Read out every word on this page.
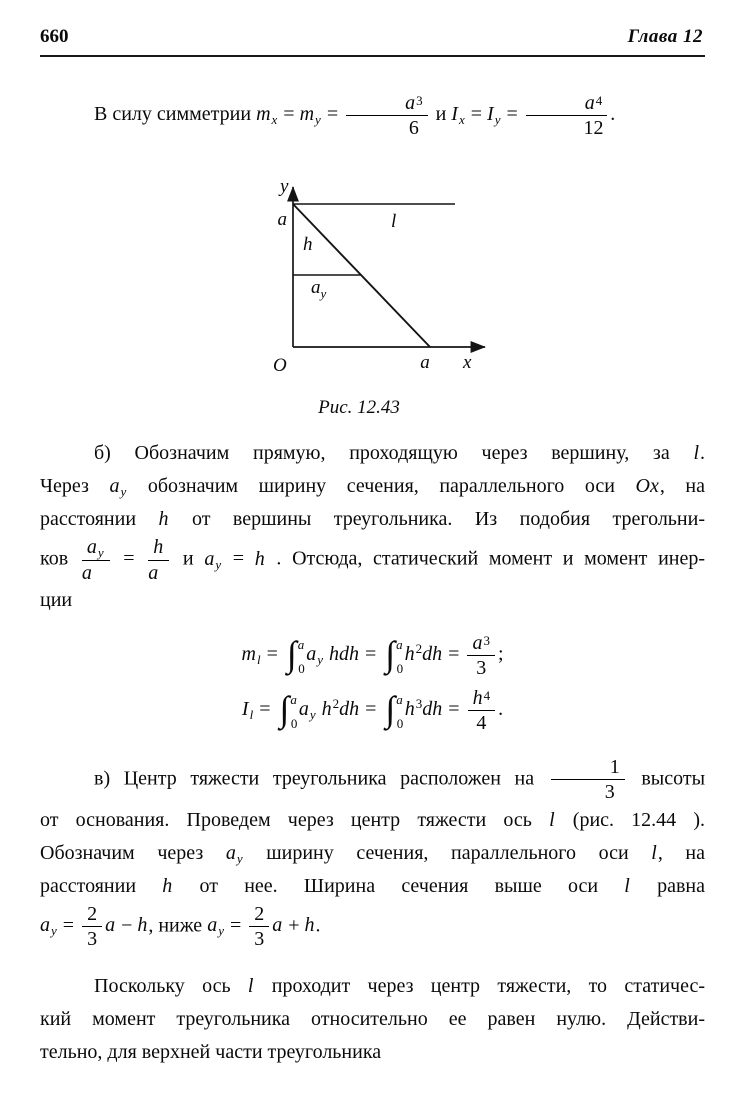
660	Глава 12
В силу симметрии $m_x = m_y = \frac{a^3}{6}$ и $I_x = I_y = \frac{a^4}{12}$ .
y
a	l
h
$a_y$
O	a x
Рис. 12.43
б) Обозначим прямую, проходящую через вершину, за l.
Через $a_y$ обозначим ширину сечения, параллельного оси Ox, на
расстоянии h от вершины треугольника. Из подобия трегольни-
ков $\frac{a_y}{a} = \frac{h}{a}$ и $a_y = h$ . Отсюда, статический момент и момент инер-
ции
$m_l$ = ∫ a
0
$a_y$ hdh = ∫ a
0
$h^2dh = \frac{a^3}{3}$ ;
$I_l$ = ∫ a
0
$a_y$ $h^2dh$ = ∫ a
0
$h^3dh = \frac{h^4}{4}$ .
в) Центр тяжести треугольника расположен на $\frac{1}{3}$ высоты
от основания. Проведем через центр тяжести ось l (рис. 12.44 ).
Обозначим через $a_y$ ширину сечения, параллельного оси l, на
расстоянии h от нее. Ширина сечения выше оси l равна
$a_y = \frac{2}{3}$ a − h, ниже $a_y = \frac{2}{3}$ a + h.
Поскольку ось l проходит через центр тяжести, то статичес-
кий момент треугольника относительно ее равен нулю. Действи-
тельно, для верхней части треугольника
